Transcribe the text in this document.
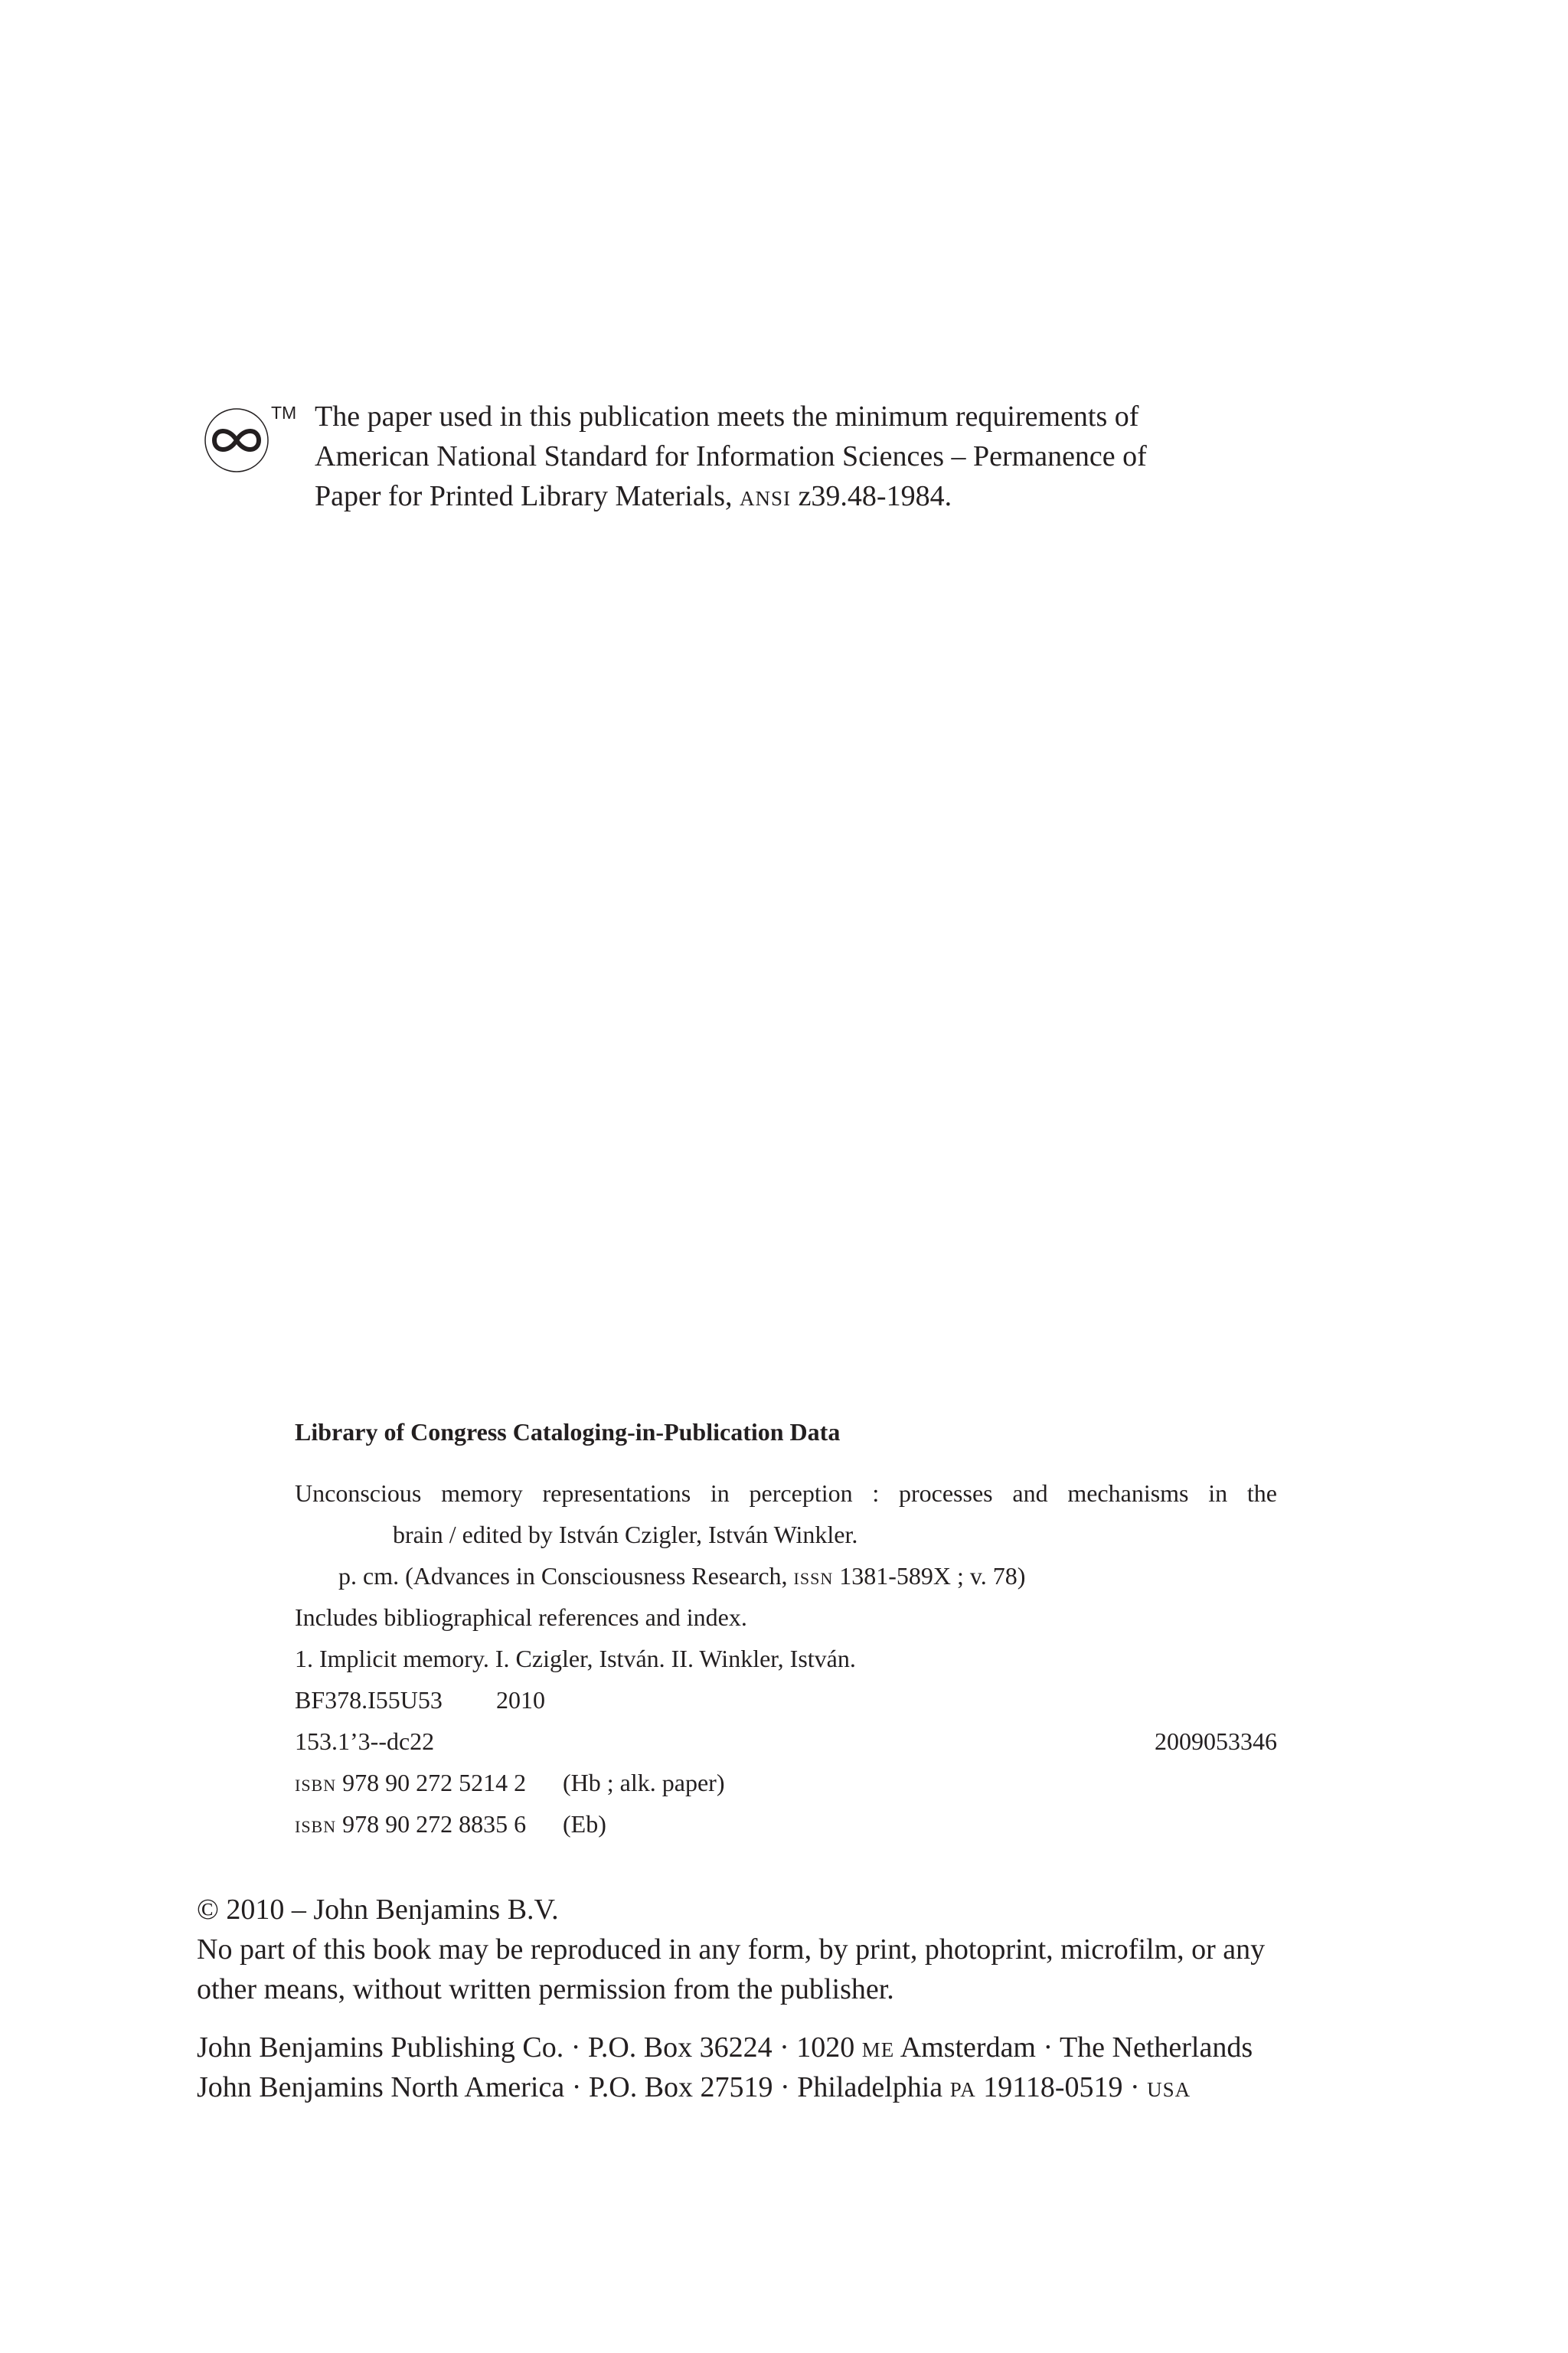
TM The paper used in this publication meets the minimum requirements of
American National Standard for Information Sciences – Permanence of
Paper for Printed Library Materials, ansi z39.48-1984.
Library of Congress Cataloging-in-Publication Data
Unconscious memory representations in perception : processes and mechanisms in the
brain / edited by István Czigler, István Winkler.
p. cm. (Advances in Consciousness Research, issn 1381-589X ; v. 78)
Includes bibliographical references and index.
1. Implicit memory. I. Czigler, István. II. Winkler, István.
BF378.I55U53 2010
153.1’3--dc22	2009053346
isbn 978 90 272 5214 2 (Hb ; alk. paper)
isbn 978 90 272 8835 6 (Eb)
© 2010 – John Benjamins B.V.
No part of this book may be reproduced in any form, by print, photoprint, microfilm, or any
other means, without written permission from the publisher.
John Benjamins Publishing Co. · P.O. Box 36224 · 1020 me Amsterdam · The Netherlands
John Benjamins North America · P.O. Box 27519 · Philadelphia pa 19118-0519 · usa
